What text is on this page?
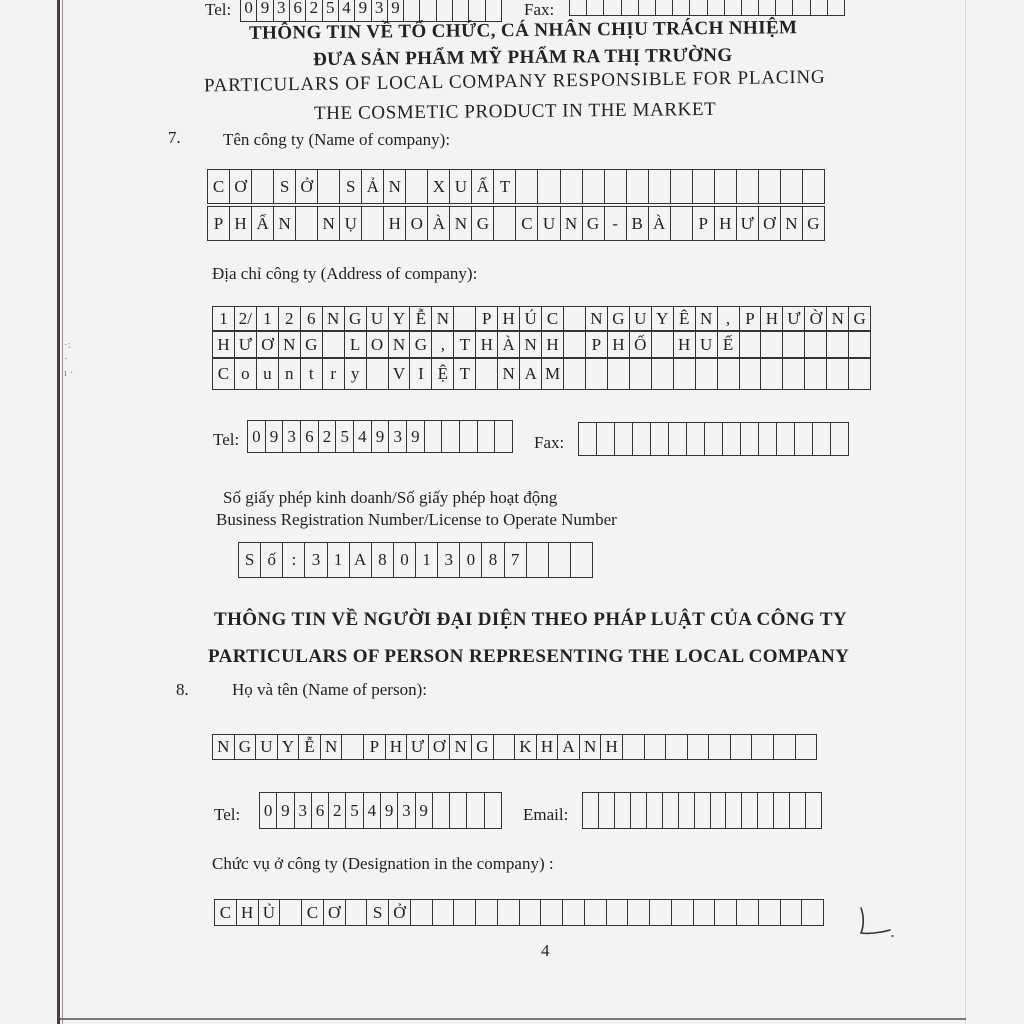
·:
·
ı ·
Tel: 0 9 3 6 2 5 4 9 3 9	Fax:
THÔNG TIN VỀ TỔ CHỨC, CÁ NHÂN CHỊU TRÁCH NHIỆM
ĐƯA SẢN PHẨM MỸ PHẨM RA THỊ TRƯỜNG
PARTICULARS OF LOCAL COMPANY RESPONSIBLE FOR PLACING
THE COSMETIC PRODUCT IN THE MARKET
7. Tên công ty (Name of company):
C Ơ	S Ở	S Ả N	X U Ấ T
P H Ấ N	N Ụ	H O À N G	C U N G - B À	P H Ư Ơ N G
Địa chỉ công ty (Address of company):
1 2/ 1 2 6 N G U Y Ễ N	P H Ú C	N G U Y Ê N , P H Ư Ờ N G
H Ư Ơ N G	L O N G , T H À N H	P H Ố	H U Ế
C o u n t r y	V I Ệ T	N A M
Tel: 0 9 3 6 2 5 4 9 3 9	Fax:
Số giấy phép kinh doanh/Số giấy phép hoạt động
Business Registration Number/License to Operate Number
S ố : 3 1 A 8 0 1 3 0 8 7
THÔNG TIN VỀ NGƯỜI ĐẠI DIỆN THEO PHÁP LUẬT CỦA CÔNG TY
PARTICULARS OF PERSON REPRESENTING THE LOCAL COMPANY
8.	Họ và tên (Name of person):
N G U Y Ễ N	P H Ư Ơ N G	K H A N H
Tel: 0 9 3 6 2 5 4 9 3 9	Email:
Chức vụ ở công ty (Designation in the company) :
C H Ủ	C Ơ	S Ở
4
